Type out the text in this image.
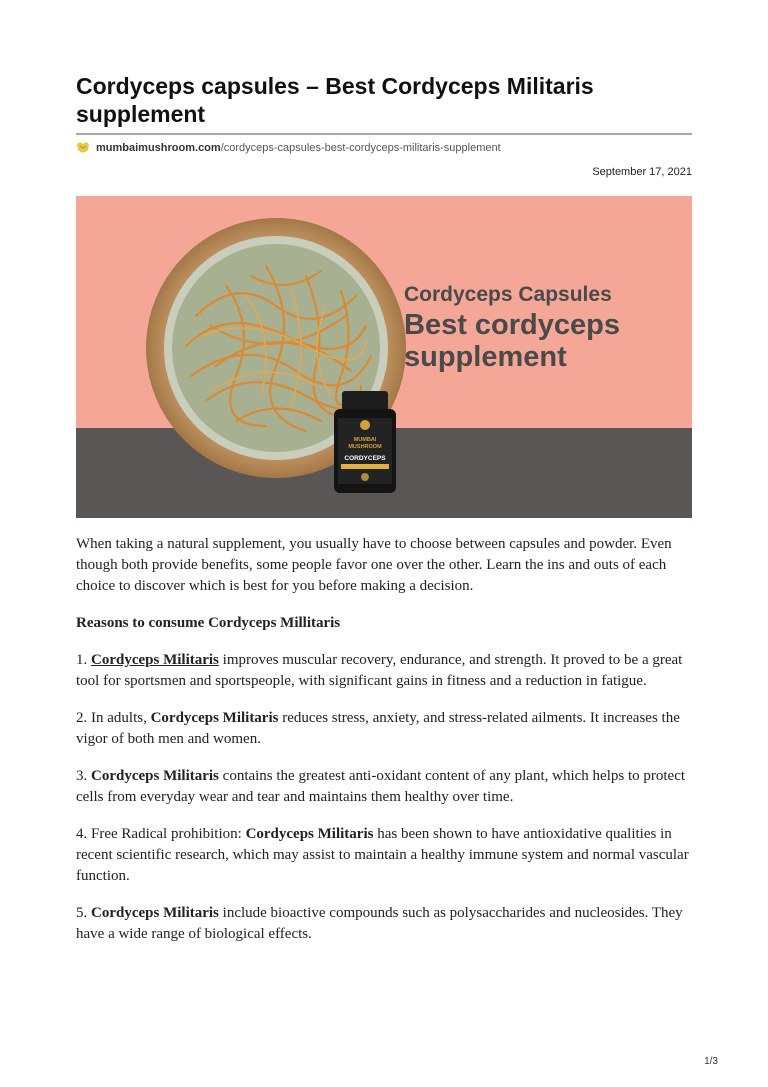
Cordyceps capsules – Best Cordyceps Militaris supplement
mumbaimushroom.com/cordyceps-capsules-best-cordyceps-militaris-supplement
September 17, 2021
MUMBAI
MUSHROOM
CORDYCEPS
Cordyceps Capsules
Best cordyceps
supplement

When taking a natural supplement, you usually have to choose between capsules and powder. Even though both provide benefits, some people favor one over the other. Learn the ins and outs of each choice to discover which is best for you before making a decision.

Reasons to consume Cordyceps Millitaris

1. Cordyceps Militaris improves muscular recovery, endurance, and strength. It proved to be a great tool for sportsmen and sportspeople, with significant gains in fitness and a reduction in fatigue.

2. In adults, Cordyceps Militaris reduces stress, anxiety, and stress-related ailments. It increases the vigor of both men and women.

3. Cordyceps Militaris contains the greatest anti-oxidant content of any plant, which helps to protect cells from everyday wear and tear and maintains them healthy over time.

4. Free Radical prohibition: Cordyceps Militaris has been shown to have antioxidative qualities in recent scientific research, which may assist to maintain a healthy immune system and normal vascular function.

5. Cordyceps Militaris include bioactive compounds such as polysaccharides and nucleosides. They have a wide range of biological effects.

1/3
